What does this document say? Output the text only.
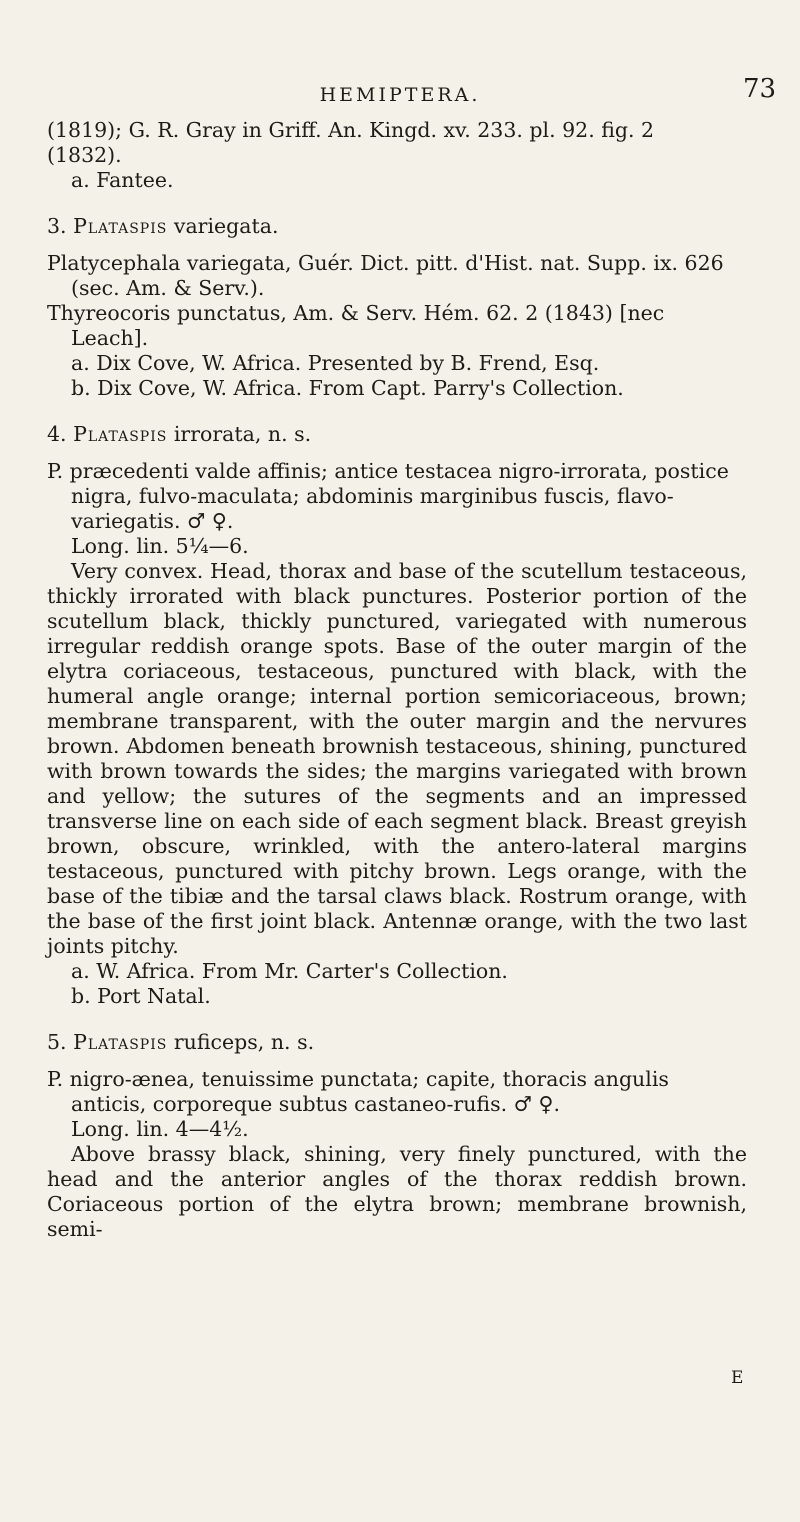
HEMIPTERA.	73

(1819); G. R. Gray in Griff. An. Kingd. xv. 233. pl. 92. fig. 2

(1832).

a. Fantee.

3. Plataspis variegata.

Platycephala variegata, Guér. Dict. pitt. d'Hist. nat. Supp. ix. 626 (sec. Am. & Serv.).

Thyreocoris punctatus, Am. & Serv. Hém. 62. 2 (1843) [nec Leach].

a. Dix Cove, W. Africa. Presented by B. Frend, Esq.

b. Dix Cove, W. Africa. From Capt. Parry's Collection.

4. Plataspis irrorata, n. s.

P. præcedenti valde affinis; antice testacea nigro-irrorata, postice nigra, fulvo-maculata; abdominis marginibus fuscis, flavo-variegatis. ♂ ♀.

Long. lin. 5¼—6.

Very convex. Head, thorax and base of the scutellum testaceous, thickly irrorated with black punctures. Posterior portion of the scutellum black, thickly punctured, variegated with numerous irregular reddish orange spots. Base of the outer margin of the elytra coriaceous, testaceous, punctured with black, with the humeral angle orange; internal portion semicoriaceous, brown; membrane transparent, with the outer margin and the nervures brown. Abdomen beneath brownish testaceous, shining, punctured with brown towards the sides; the margins variegated with brown and yellow; the sutures of the segments and an impressed transverse line on each side of each segment black. Breast greyish brown, obscure, wrinkled, with the antero-lateral margins testaceous, punctured with pitchy brown. Legs orange, with the base of the tibiæ and the tarsal claws black. Rostrum orange, with the base of the first joint black. Antennæ orange, with the two last joints pitchy.

a. W. Africa. From Mr. Carter's Collection.

b. Port Natal.

5. Plataspis ruficeps, n. s.

P. nigro-ænea, tenuissime punctata; capite, thoracis angulis anticis, corporeque subtus castaneo-rufis. ♂ ♀.

Long. lin. 4—4½.

Above brassy black, shining, very finely punctured, with the head and the anterior angles of the thorax reddish brown. Coriaceous portion of the elytra brown; membrane brownish, semi-

E
